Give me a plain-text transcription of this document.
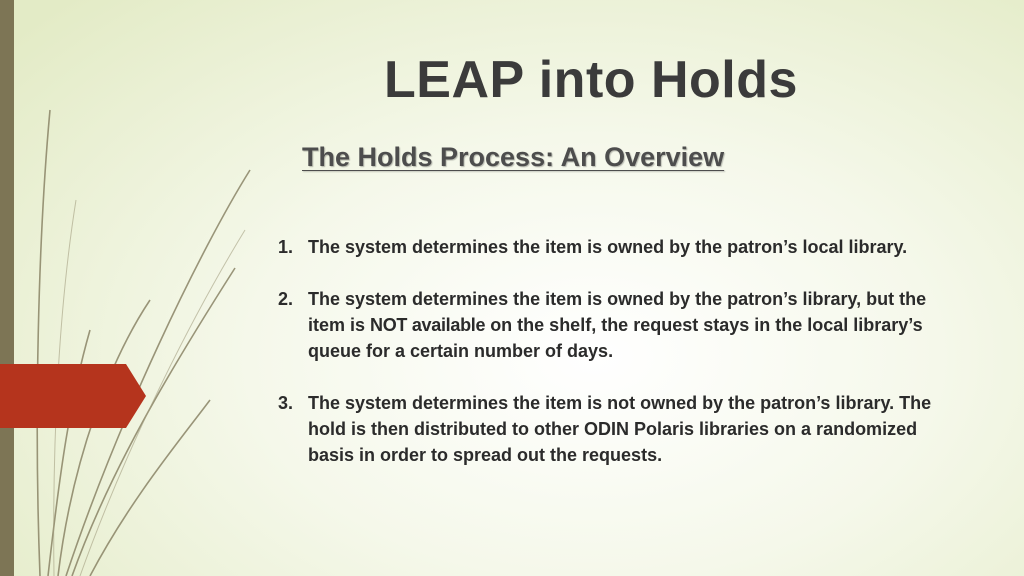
LEAP into Holds
The Holds Process: An Overview
1. The system determines the item is owned by the patron’s local library.
2. The system determines the item is owned by the patron’s library, but the item is NOT available on the shelf, the request stays in the local library’s queue for a certain number of days.
3. The system determines the item is not owned by the patron’s library. The hold is then distributed to other ODIN Polaris libraries on a randomized basis in order to spread out the requests.
